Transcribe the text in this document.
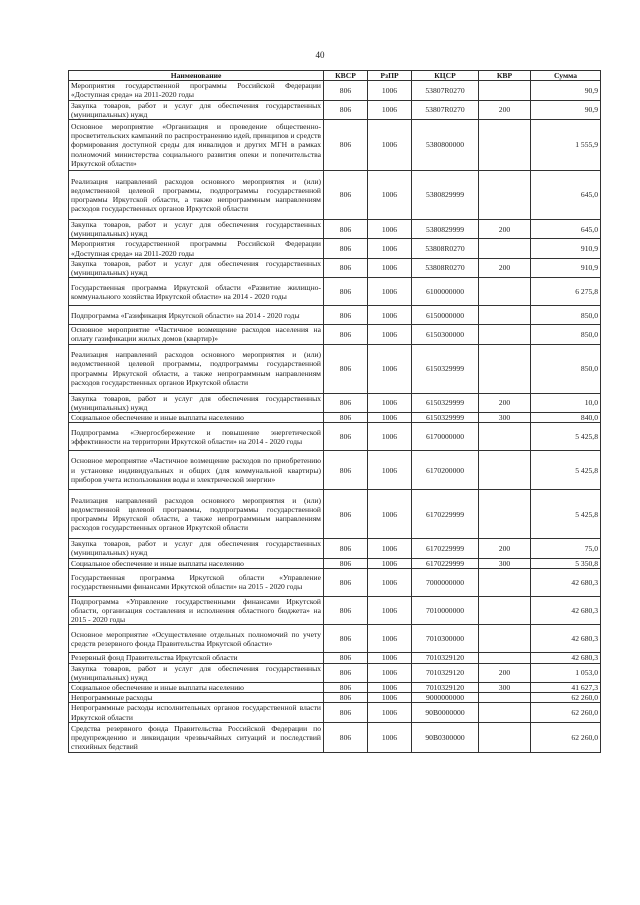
40
Наименование	КВСР	РзПР	КЦСР	КВР	Сумма
Мероприятия государственной программы Российской Федерации «Доступная среда» на 2011-2020 годы	806	1006	53807R0270		90,9
Закупка товаров, работ и услуг для обеспечения государственных (муниципальных) нужд	806	1006	53807R0270	200	90,9
Основное мероприятие «Организация и проведение общественно-просветительских кампаний по распространению идей, принципов и средств формирования доступной среды для инвалидов и других МГН в рамках полномочий министерства социального развития опеки и попечительства Иркутской области»	806	1006	5380800000		1 555,9
Реализация направлений расходов основного мероприятия и (или) ведомственной целевой программы, подпрограммы государственной программы Иркутской области, а также непрограммным направлениям расходов государственных органов Иркутской области	806	1006	5380829999		645,0
Закупка товаров, работ и услуг для обеспечения государственных (муниципальных) нужд	806	1006	5380829999	200	645,0
Мероприятия государственной программы Российской Федерации «Доступная среда» на 2011-2020 годы	806	1006	53808R0270		910,9
Закупка товаров, работ и услуг для обеспечения государственных (муниципальных) нужд	806	1006	53808R0270	200	910,9
Государственная программа Иркутской области «Развитие жилищно-коммунального хозяйства Иркутской области» на 2014 - 2020 годы	806	1006	6100000000		6 275,8
Подпрограмма «Газификация Иркутской области» на 2014 - 2020 годы	806	1006	6150000000		850,0
Основное мероприятие «Частичное возмещение расходов населения на оплату газификации жилых домов (квартир)»	806	1006	6150300000		850,0
Реализация направлений расходов основного мероприятия и (или) ведомственной целевой программы, подпрограммы государственной программы Иркутской области, а также непрограммным направлениям расходов государственных органов Иркутской области	806	1006	6150329999		850,0
Закупка товаров, работ и услуг для обеспечения государственных (муниципальных) нужд	806	1006	6150329999	200	10,0
Социальное обеспечение и иные выплаты населению	806	1006	6150329999	300	840,0
Подпрограмма «Энергосбережение и повышение энергетической эффективности на территории Иркутской области» на 2014 - 2020 годы	806	1006	6170000000		5 425,8
Основное мероприятие «Частичное возмещение расходов по приобретению и установке индивидуальных и общих (для коммунальной квартиры) приборов учета использования воды и электрической энергии»	806	1006	6170200000		5 425,8
Реализация направлений расходов основного мероприятия и (или) ведомственной целевой программы, подпрограммы государственной программы Иркутской области, а также непрограммным направлениям расходов государственных органов Иркутской области	806	1006	6170229999		5 425,8
Закупка товаров, работ и услуг для обеспечения государственных (муниципальных) нужд	806	1006	6170229999	200	75,0
Социальное обеспечение и иные выплаты населению	806	1006	6170229999	300	5 350,8
Государственная программа Иркутской области «Управление государственными финансами Иркутской области» на 2015 - 2020 годы	806	1006	7000000000		42 680,3
Подпрограмма «Управление государственными финансами Иркутской области, организация составления и исполнения областного бюджета» на 2015 - 2020 годы	806	1006	7010000000		42 680,3
Основное мероприятие «Осуществление отдельных полномочий по учету средств резервного фонда Правительства Иркутской области»	806	1006	7010300000		42 680,3
Резервный фонд Правительства Иркутской области	806	1006	7010329120		42 680,3
Закупка товаров, работ и услуг для обеспечения государственных (муниципальных) нужд	806	1006	7010329120	200	1 053,0
Социальное обеспечение и иные выплаты населению	806	1006	7010329120	300	41 627,3
Непрограммные расходы	806	1006	9000000000		62 260,0
Непрограммные расходы исполнительных органов государственной власти Иркутской области	806	1006	90В0000000		62 260,0
Средства резервного фонда Правительства Российской Федерации по предупреждению и ликвидации чрезвычайных ситуаций и последствий стихийных бедствий	806	1006	90В0300000		62 260,0
